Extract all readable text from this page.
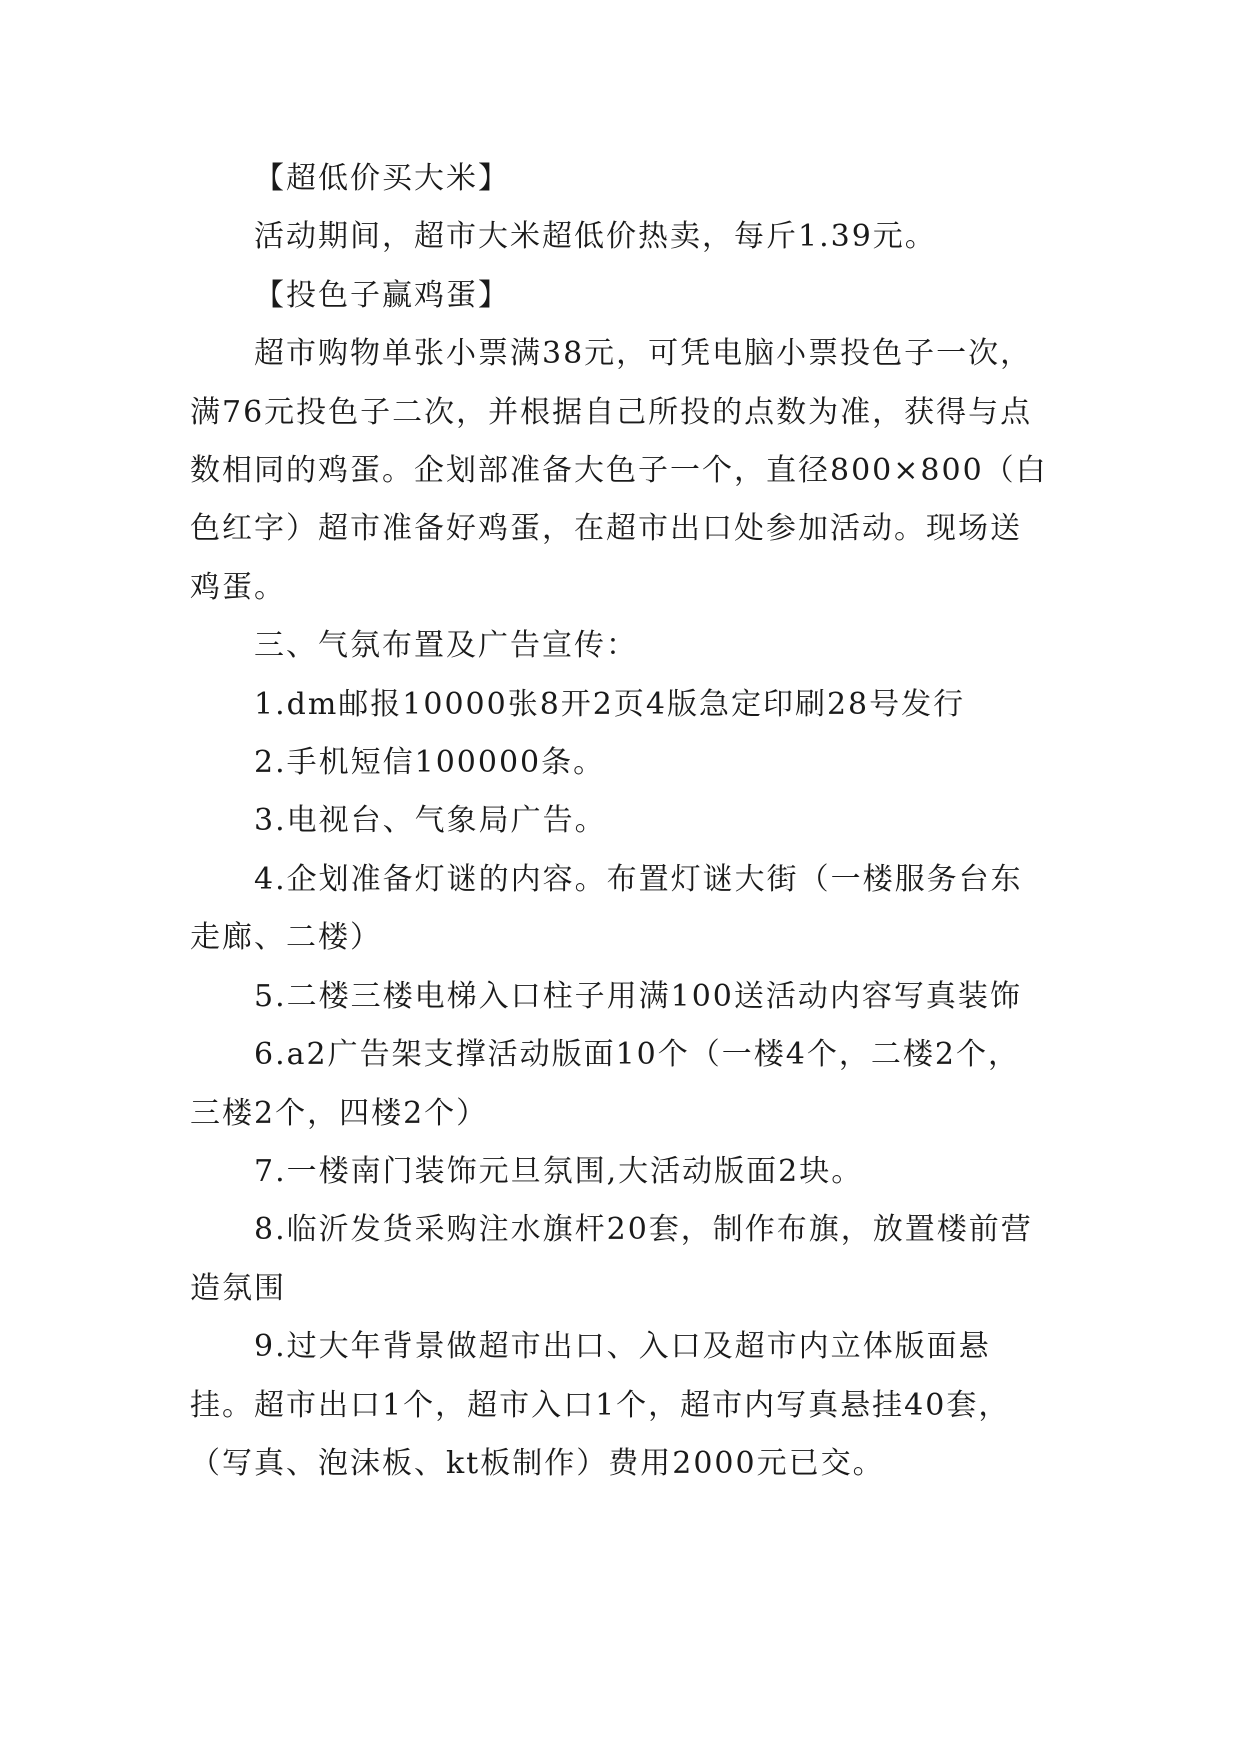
【超低价买大米】

活动期间，超市大米超低价热卖，每斤1.39元。

【投色子赢鸡蛋】

超市购物单张小票满38元，可凭电脑小票投色子一次，满76元投色子二次，并根据自己所投的点数为准，获得与点数相同的鸡蛋。企划部准备大色子一个，直径800×800（白色红字）超市准备好鸡蛋，在超市出口处参加活动。现场送鸡蛋。

三、气氛布置及广告宣传：

1.dm邮报10000张8开2页4版急定印刷28号发行

2.手机短信100000条。

3.电视台、气象局广告。

4.企划准备灯谜的内容。布置灯谜大街（一楼服务台东走廊、二楼）

5.二楼三楼电梯入口柱子用满100送活动内容写真装饰

6.a2广告架支撑活动版面10个（一楼4个，二楼2个，三楼2个，四楼2个）

7.一楼南门装饰元旦氛围,大活动版面2块。

8.临沂发货采购注水旗杆20套，制作布旗，放置楼前营造氛围

9.过大年背景做超市出口、入口及超市内立体版面悬挂。超市出口1个，超市入口1个，超市内写真悬挂40套，（写真、泡沫板、kt板制作）费用2000元已交。
